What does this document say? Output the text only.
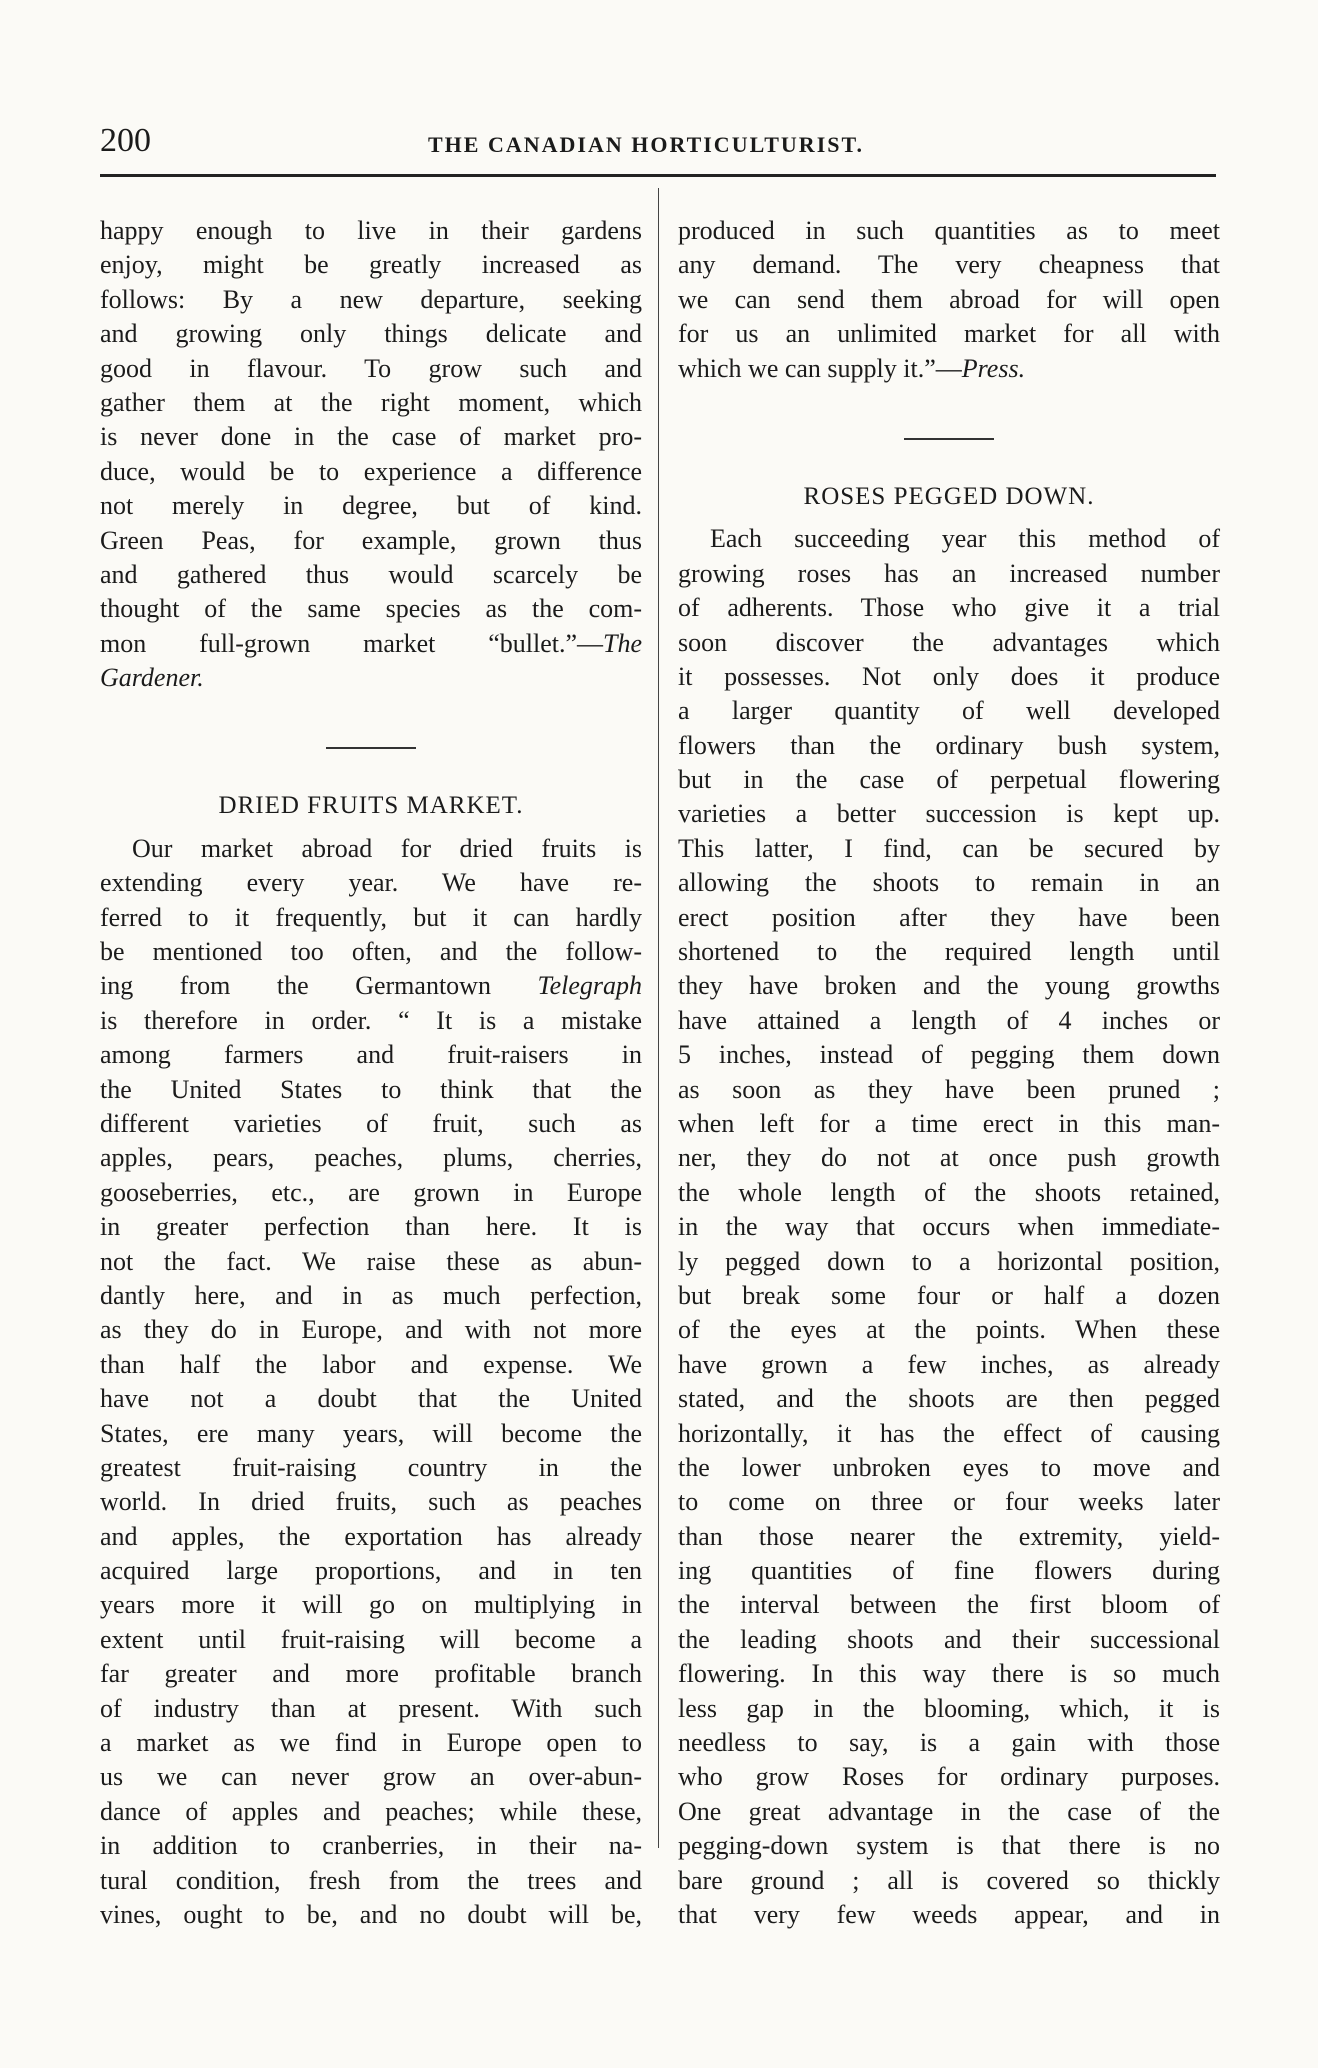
200	THE CANADIAN HORTICULTURIST.
happy enough to live in their gardens
enjoy, might be greatly increased as
follows: By a new departure, seeking
and growing only things delicate and
good in flavour. To grow such and
gather them at the right moment, which
is never done in the case of market pro-
duce, would be to experience a difference
not merely in degree, but of kind.
Green Peas, for example, grown thus
and gathered thus would scarcely be
thought of the same species as the com-
mon full-grown market “bullet.”—The
Gardener.
DRIED FRUITS MARKET.
Our market abroad for dried fruits is
extending every year. We have re-
ferred to it frequently, but it can hardly
be mentioned too often, and the follow-
ing from the Germantown Telegraph
is therefore in order. “ It is a mistake
among farmers and fruit-raisers in
the United States to think that the
different varieties of fruit, such as
apples, pears, peaches, plums, cherries,
gooseberries, etc., are grown in Europe
in greater perfection than here. It is
not the fact. We raise these as abun-
dantly here, and in as much perfection,
as they do in Europe, and with not more
than half the labor and expense. We
have not a doubt that the United
States, ere many years, will become the
greatest fruit-raising country in the
world. In dried fruits, such as peaches
and apples, the exportation has already
acquired large proportions, and in ten
years more it will go on multiplying in
extent until fruit-raising will become a
far greater and more profitable branch
of industry than at present. With such
a market as we find in Europe open to
us we can never grow an over-abun-
dance of apples and peaches; while these,
in addition to cranberries, in their na-
tural condition, fresh from the trees and
vines, ought to be, and no doubt will be,
produced in such quantities as to meet
any demand. The very cheapness that
we can send them abroad for will open
for us an unlimited market for all with
which we can supply it.”—Press.
ROSES PEGGED DOWN.
Each succeeding year this method of
growing roses has an increased number
of adherents. Those who give it a trial
soon discover the advantages which
it possesses. Not only does it produce
a larger quantity of well developed
flowers than the ordinary bush system,
but in the case of perpetual flowering
varieties a better succession is kept up.
This latter, I find, can be secured by
allowing the shoots to remain in an
erect position after they have been
shortened to the required length until
they have broken and the young growths
have attained a length of 4 inches or
5 inches, instead of pegging them down
as soon as they have been pruned ;
when left for a time erect in this man-
ner, they do not at once push growth
the whole length of the shoots retained,
in the way that occurs when immediate-
ly pegged down to a horizontal position,
but break some four or half a dozen
of the eyes at the points. When these
have grown a few inches, as already
stated, and the shoots are then pegged
horizontally, it has the effect of causing
the lower unbroken eyes to move and
to come on three or four weeks later
than those nearer the extremity, yield-
ing quantities of fine flowers during
the interval between the first bloom of
the leading shoots and their successional
flowering. In this way there is so much
less gap in the blooming, which, it is
needless to say, is a gain with those
who grow Roses for ordinary purposes.
One great advantage in the case of the
pegging-down system is that there is no
bare ground ; all is covered so thickly
that very few weeds appear, and in
